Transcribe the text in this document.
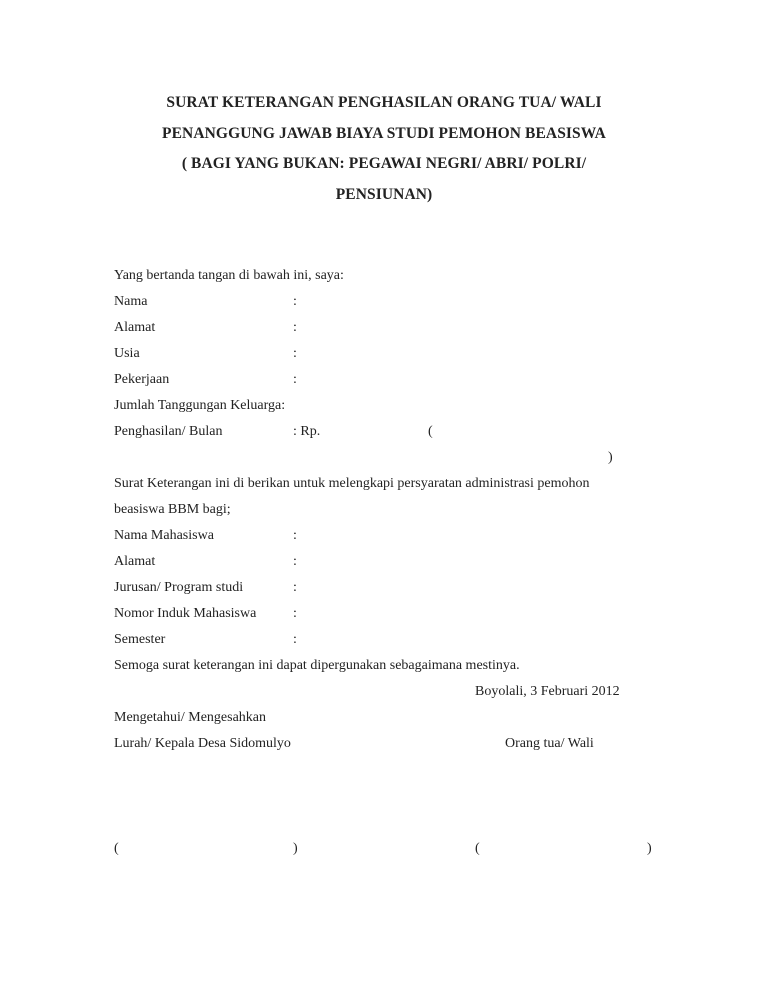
SURAT KETERANGAN PENGHASILAN ORANG TUA/ WALI
PENANGGUNG JAWAB BIAYA STUDI PEMOHON BEASISWA
( BAGI YANG BUKAN: PEGAWAI NEGRI/ ABRI/ POLRI/
PENSIUNAN)
Yang bertanda tangan di bawah ini, saya:
Nama	:
Alamat	:
Usia	:
Pekerjaan	:
Jumlah Tanggungan Keluarga:
Penghasilan/ Bulan	: Rp.	(
)
Surat Keterangan ini di berikan untuk melengkapi persyaratan administrasi pemohon
beasiswa BBM bagi;
Nama Mahasiswa	:
Alamat	:
Jurusan/ Program studi	:
Nomor Induk Mahasiswa	:
Semester	:
Semoga surat keterangan ini dapat dipergunakan sebagaimana mestinya.
Boyolali, 3 Februari 2012
Mengetahui/ Mengesahkan
Lurah/ Kepala Desa Sidomulyo	Orang tua/ Wali
(	)	(	)
